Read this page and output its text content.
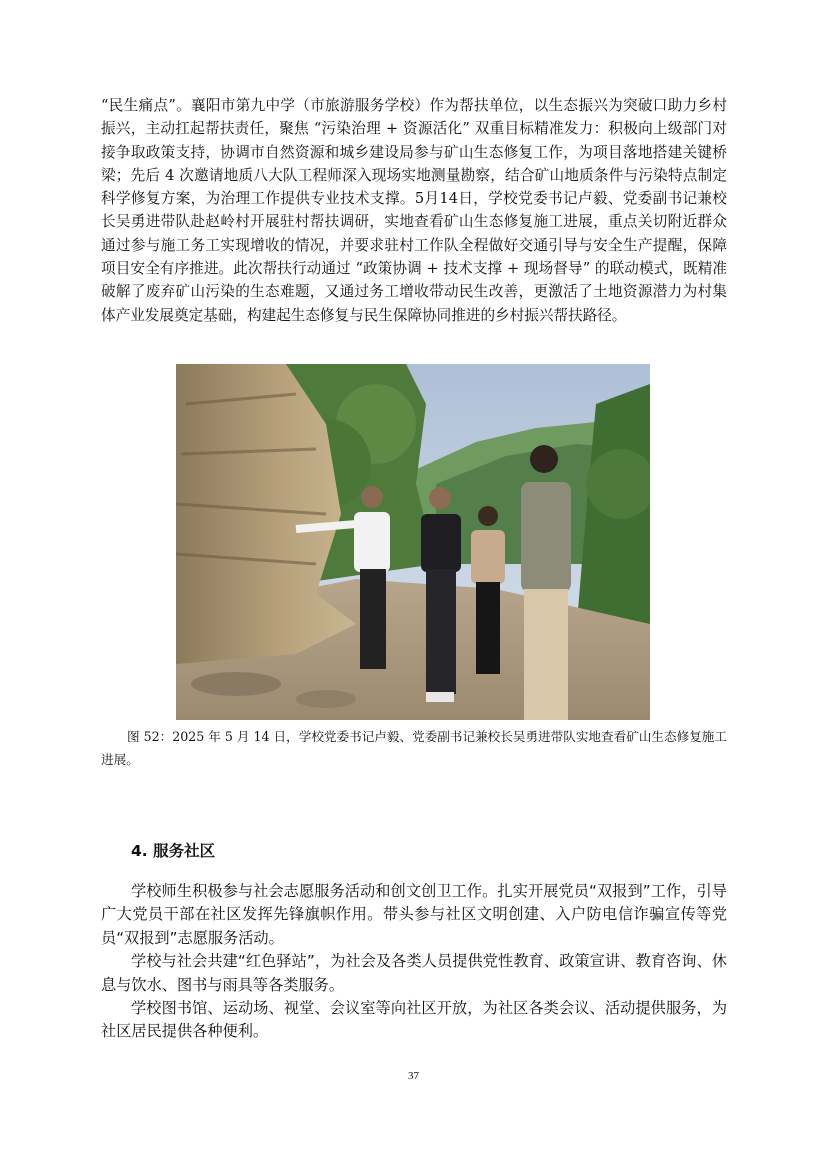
“民生痛点”。襄阳市第九中学（市旅游服务学校）作为帮扶单位，以生态振兴为突破口助力乡村振兴，主动扛起帮扶责任，聚焦 “污染治理 + 资源活化” 双重目标精准发力：积极向上级部门对接争取政策支持，协调市自然资源和城乡建设局参与矿山生态修复工作，为项目落地搭建关键桥梁；先后 4 次邀请地质八大队工程师深入现场实地测量勘察，结合矿山地质条件与污染特点制定科学修复方案，为治理工作提供专业技术支撑。5月14日，学校党委书记卢毅、党委副书记兼校长吴勇进带队赴赵岭村开展驻村帮扶调研，实地查看矿山生态修复施工进展，重点关切附近群众通过参与施工务工实现增收的情况，并要求驻村工作队全程做好交通引导与安全生产提醒，保障项目安全有序推进。此次帮扶行动通过 “政策协调 + 技术支撑 + 现场督导” 的联动模式，既精准破解了废弃矿山污染的生态难题，又通过务工增收带动民生改善，更激活了土地资源潜力为村集体产业发展奠定基础，构建起生态修复与民生保障协同推进的乡村振兴帮扶路径。

图 52：2025 年 5 月 14 日，学校党委书记卢毅、党委副书记兼校长吴勇进带队实地查看矿山生态修复施工进展。

4. 服务社区

学校师生积极参与社会志愿服务活动和创文创卫工作。扎实开展党员“双报到”工作，引导广大党员干部在社区发挥先锋旗帜作用。带头参与社区文明创建、入户防电信诈骗宣传等党员“双报到”志愿服务活动。

学校与社会共建“红色驿站”，为社会及各类人员提供党性教育、政策宣讲、教育咨询、休息与饮水、图书与雨具等各类服务。

学校图书馆、运动场、视堂、会议室等向社区开放，为社区各类会议、活动提供服务，为社区居民提供各种便利。

37
